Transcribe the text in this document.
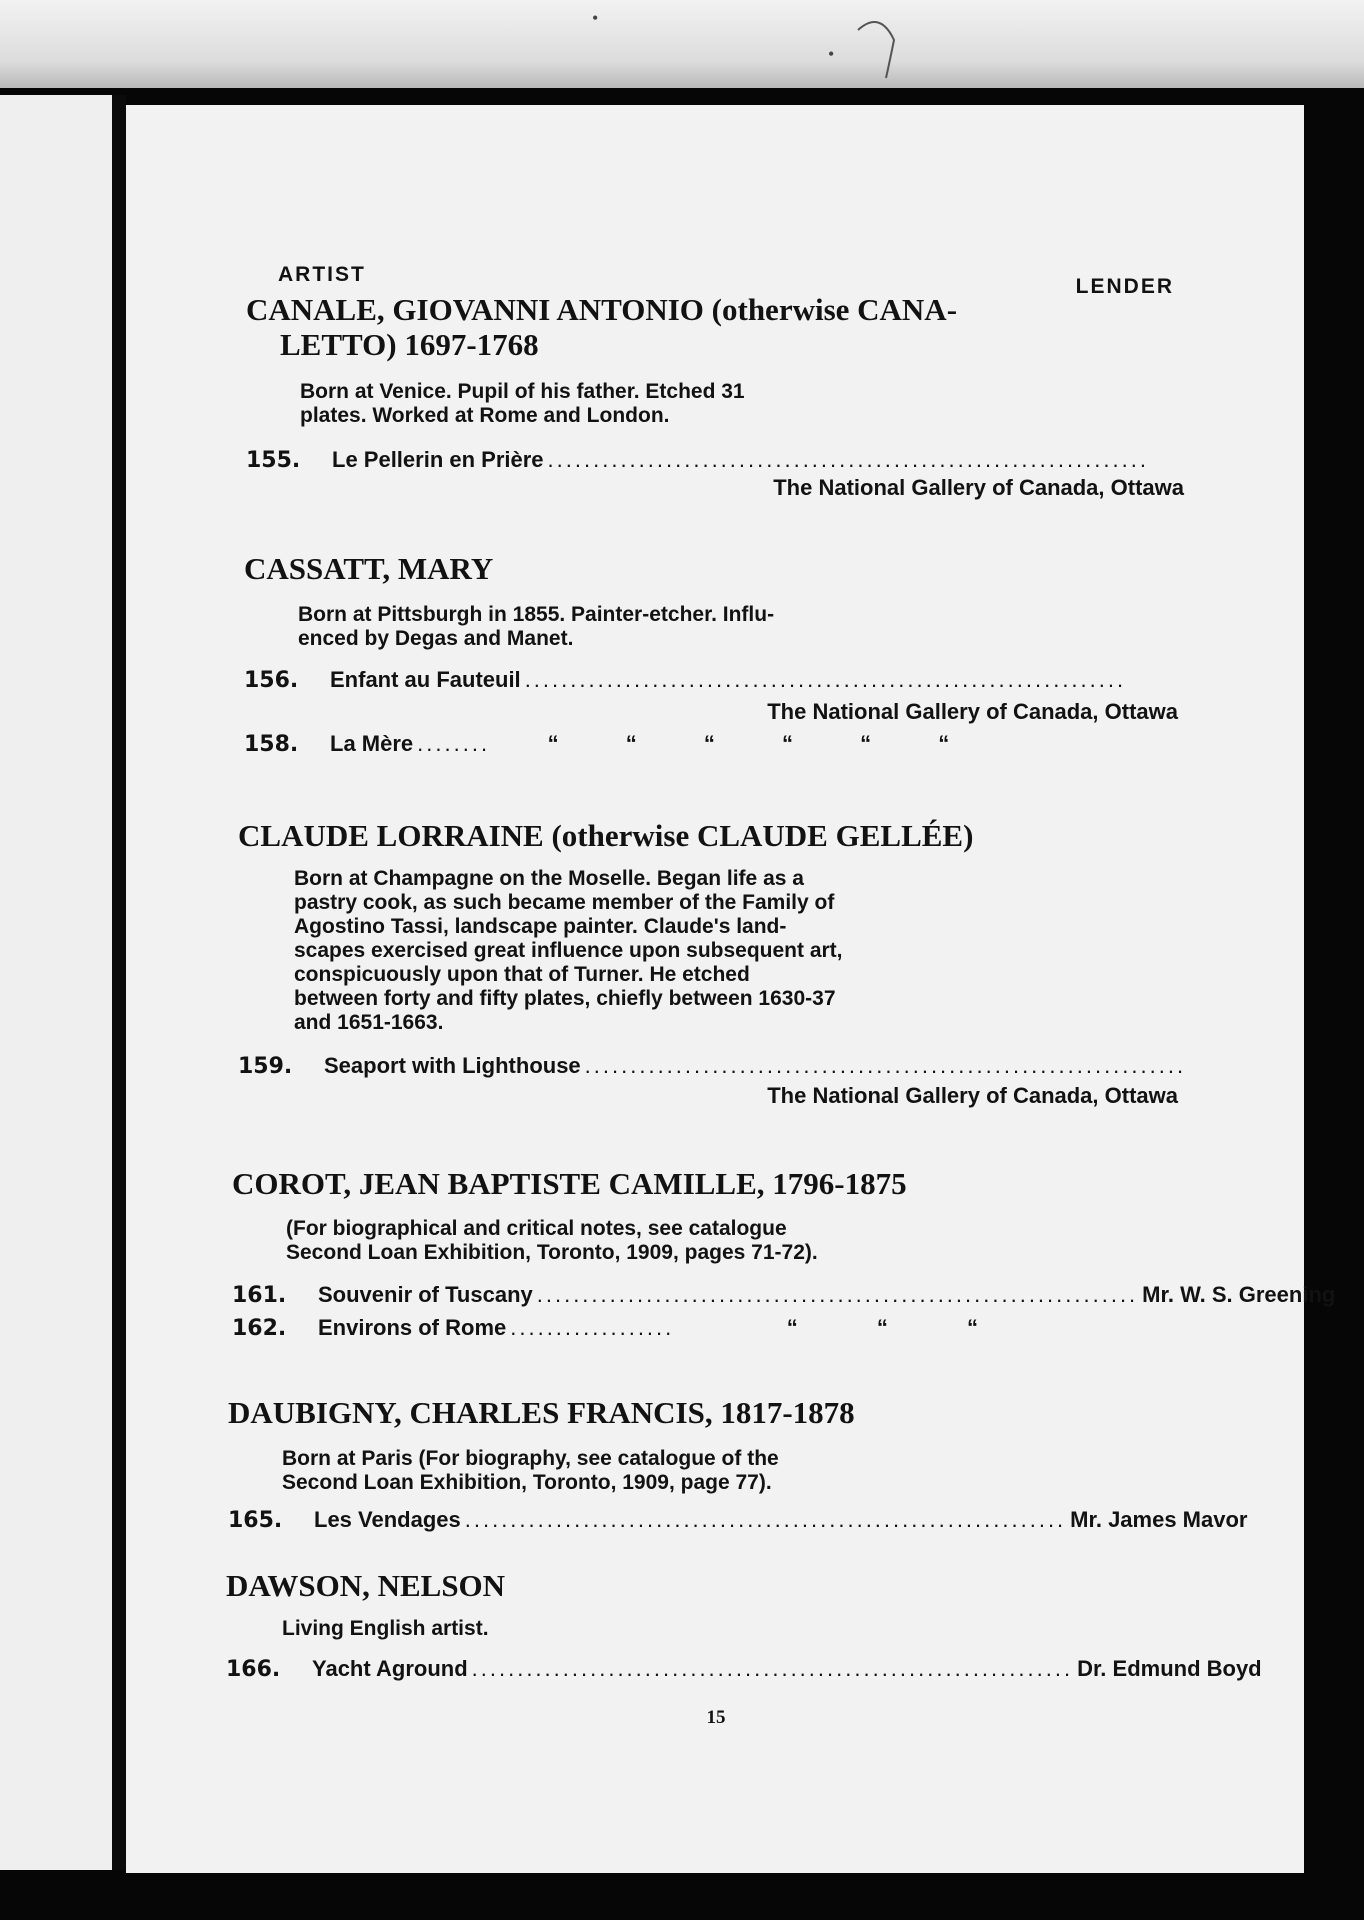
•
•
ARTIST
LENDER
CANALE, GIOVANNI ANTONIO (otherwise CANA-
LETTO) 1697-1768
Born at Venice. Pupil of his father. Etched 31
plates. Worked at Rome and London.
155.	Le Pellerin en Prière ..................................................................
The National Gallery of Canada, Ottawa
CASSATT, MARY
Born at Pittsburgh in 1855. Painter-etcher. Influ-
enced by Degas and Manet.
156.	Enfant au Fauteuil ..................................................................
The National Gallery of Canada, Ottawa
158.	La Mère ........	“	“	“	“	“	“
CLAUDE LORRAINE (otherwise CLAUDE GELLÉE)
Born at Champagne on the Moselle. Began life as a
pastry cook, as such became member of the Family of
Agostino Tassi, landscape painter. Claude's land-
scapes exercised great influence upon subsequent art,
conspicuously upon that of Turner. He etched
between forty and fifty plates, chiefly between 1630-37
and 1651-1663.
159.	Seaport with Lighthouse ..................................................................
The National Gallery of Canada, Ottawa
COROT, JEAN BAPTISTE CAMILLE, 1796-1875
(For biographical and critical notes, see catalogue
Second Loan Exhibition, Toronto, 1909, pages 71-72).
161.	Souvenir of Tuscany .................................................................. Mr. W. S. Greening
162.	Environs of Rome ..................	“	“	“
DAUBIGNY, CHARLES FRANCIS, 1817-1878
Born at Paris (For biography, see catalogue of the
Second Loan Exhibition, Toronto, 1909, page 77).
165.	Les Vendages .................................................................. Mr. James Mavor
DAWSON, NELSON
Living English artist.
166.	Yacht Aground .................................................................. Dr. Edmund Boyd
15
